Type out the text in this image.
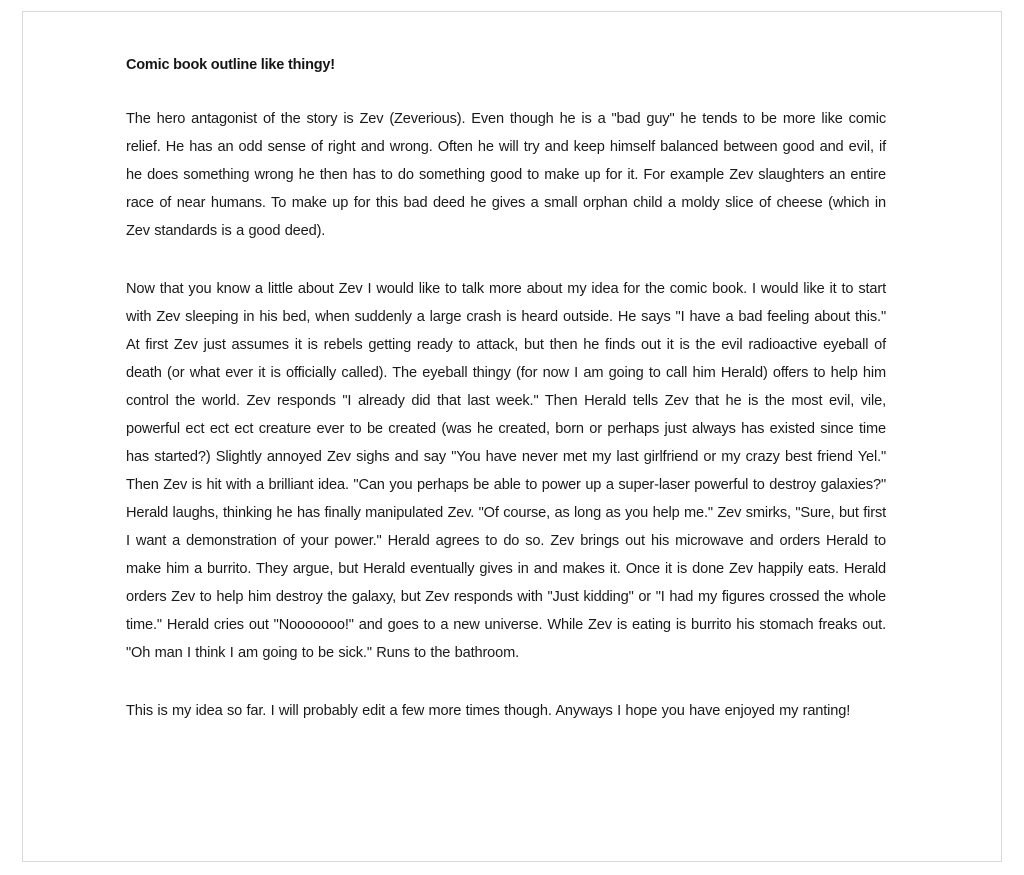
Comic book outline like thingy!

The hero antagonist of the story is Zev (Zeverious). Even though he is a "bad guy" he tends to be more like comic relief. He has an odd sense of right and wrong. Often he will try and keep himself balanced between good and evil, if he does something wrong he then has to do something good to make up for it. For example Zev slaughters an entire race of near humans. To make up for this bad deed he gives a small orphan child a moldy slice of cheese (which in Zev standards is a good deed).

Now that you know a little about Zev I would like to talk more about my idea for the comic book. I would like it to start with Zev sleeping in his bed, when suddenly a large crash is heard outside. He says "I have a bad feeling about this." At first Zev just assumes it is rebels getting ready to attack, but then he finds out it is the evil radioactive eyeball of death (or what ever it is officially called). The eyeball thingy (for now I am going to call him Herald) offers to help him control the world. Zev responds "I already did that last week." Then Herald tells Zev that he is the most evil, vile, powerful ect ect ect creature ever to be created (was he created, born or perhaps just always has existed since time has started?) Slightly annoyed Zev sighs and say "You have never met my last girlfriend or my crazy best friend Yel." Then Zev is hit with a brilliant idea. "Can you perhaps be able to power up a super-laser powerful to destroy galaxies?" Herald laughs, thinking he has finally manipulated Zev. "Of course, as long as you help me." Zev smirks, "Sure, but first I want a demonstration of your power." Herald agrees to do so. Zev brings out his microwave and orders Herald to make him a burrito. They argue, but Herald eventually gives in and makes it. Once it is done Zev happily eats. Herald orders Zev to help him destroy the galaxy, but Zev responds with "Just kidding" or "I had my figures crossed the whole time." Herald cries out "Nooooooo!" and goes to a new universe. While Zev is eating is burrito his stomach freaks out. "Oh man I think I am going to be sick." Runs to the bathroom.

This is my idea so far. I will probably edit a few more times though. Anyways I hope you have enjoyed my ranting!
